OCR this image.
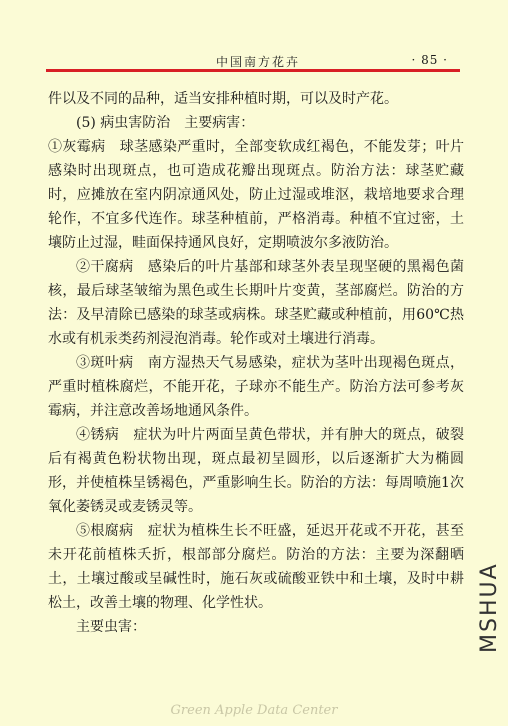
中国南方花卉	· 85 ·

件以及不同的品种，适当安排种植时期，可以及时产花。

(5) 病虫害防治　主要病害：

①灰霉病　球茎感染严重时，全部变软成红褐色，不能发芽；叶片感染时出现斑点，也可造成花瓣出现斑点。防治方法：球茎贮藏时，应摊放在室内阴凉通风处，防止过湿或堆沤，栽培地要求合理轮作，不宜多代连作。球茎种植前，严格消毒。种植不宜过密，土壤防止过湿，畦面保持通风良好，定期喷波尔多液防治。

②干腐病　感染后的叶片基部和球茎外表呈现坚硬的黑褐色菌核，最后球茎皱缩为黑色或生长期叶片变黄，茎部腐烂。防治的方法：及早清除已感染的球茎或病株。球茎贮藏或种植前，用60℃热水或有机汞类药剂浸泡消毒。轮作或对土壤进行消毒。

③斑叶病　南方湿热天气易感染，症状为茎叶出现褐色斑点，严重时植株腐烂，不能开花，子球亦不能生产。防治方法可参考灰霉病，并注意改善场地通风条件。

④锈病　症状为叶片两面呈黄色带状，并有肿大的斑点，破裂后有褐黄色粉状物出现，斑点最初呈圆形，以后逐渐扩大为椭圆形，并使植株呈锈褐色，严重影响生长。防治的方法：每周喷施1次氧化萎锈灵或麦锈灵等。

⑤根腐病　症状为植株生长不旺盛，延迟开花或不开花，甚至未开花前植株夭折，根部部分腐烂。防治的方法：主要为深翻晒土，土壤过酸或呈碱性时，施石灰或硫酸亚铁中和土壤，及时中耕松土，改善土壤的物理、化学性状。

主要虫害：	MSHUA
Green Apple Data Center
